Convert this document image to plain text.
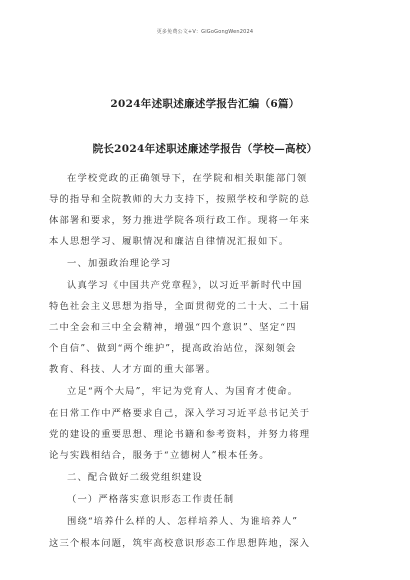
更多免费公文+V：GiGoGongWen2024
2024年述职述廉述学报告汇编（6篇）
院长2024年述职述廉述学报告（学校—高校）
在学校党政的正确领导下，在学院和相关职能部门领
导的指导和全院教师的大力支持下，按照学校和学院的总
体部署和要求，努力推进学院各项行政工作。现将一年来
本人思想学习、履职情况和廉洁自律情况汇报如下。
一、加强政治理论学习
认真学习《中国共产党章程》，以习近平新时代中国
特色社会主义思想为指导，全面贯彻党的二十大、二十届
二中全会和三中全会精神，增强“四个意识”、坚定“四
个自信”、做到“两个维护”，提高政治站位，深刻领会
教育、科技、人才方面的重大部署。
立足“两个大局”，牢记为党育人、为国育才使命。
在日常工作中严格要求自己，深入学习习近平总书记关于
党的建设的重要思想、理论书籍和参考资料，并努力将理
论与实践相结合，服务于“立德树人”根本任务。
二、配合做好二级党组织建设
（一）严格落实意识形态工作责任制
围绕“培养什么样的人、怎样培养人、为谁培养人”
这三个根本问题，筑牢高校意识形态工作思想阵地，深入
